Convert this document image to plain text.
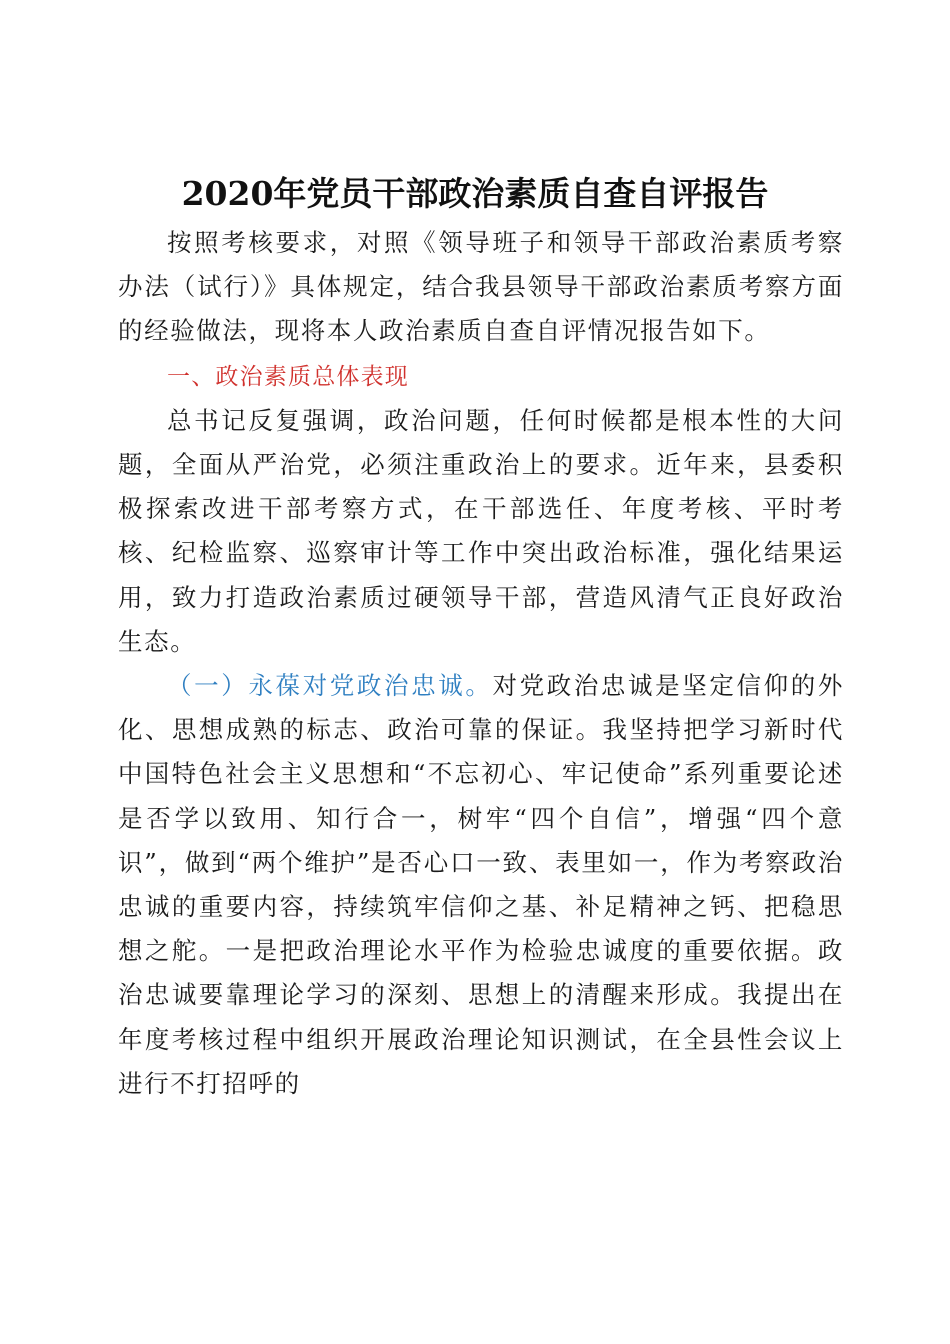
2020年党员干部政治素质自查自评报告

按照考核要求，对照《领导班子和领导干部政治素质考察办法（试行）》具体规定，结合我县领导干部政治素质考察方面的经验做法，现将本人政治素质自查自评情况报告如下。

一、政治素质总体表现

总书记反复强调，政治问题，任何时候都是根本性的大问题，全面从严治党，必须注重政治上的要求。近年来，县委积极探索改进干部考察方式，在干部选任、年度考核、平时考核、纪检监察、巡察审计等工作中突出政治标准，强化结果运用，致力打造政治素质过硬领导干部，营造风清气正良好政治生态。

（一）永葆对党政治忠诚。对党政治忠诚是坚定信仰的外化、思想成熟的标志、政治可靠的保证。我坚持把学习新时代中国特色社会主义思想和“不忘初心、牢记使命”系列重要论述是否学以致用、知行合一，树牢“四个自信”，增强“四个意识”，做到“两个维护”是否心口一致、表里如一，作为考察政治忠诚的重要内容，持续筑牢信仰之基、补足精神之钙、把稳思想之舵。一是把政治理论水平作为检验忠诚度的重要依据。政治忠诚要靠理论学习的深刻、思想上的清醒来形成。我提出在年度考核过程中组织开展政治理论知识测试，在全县性会议上进行不打招呼的
